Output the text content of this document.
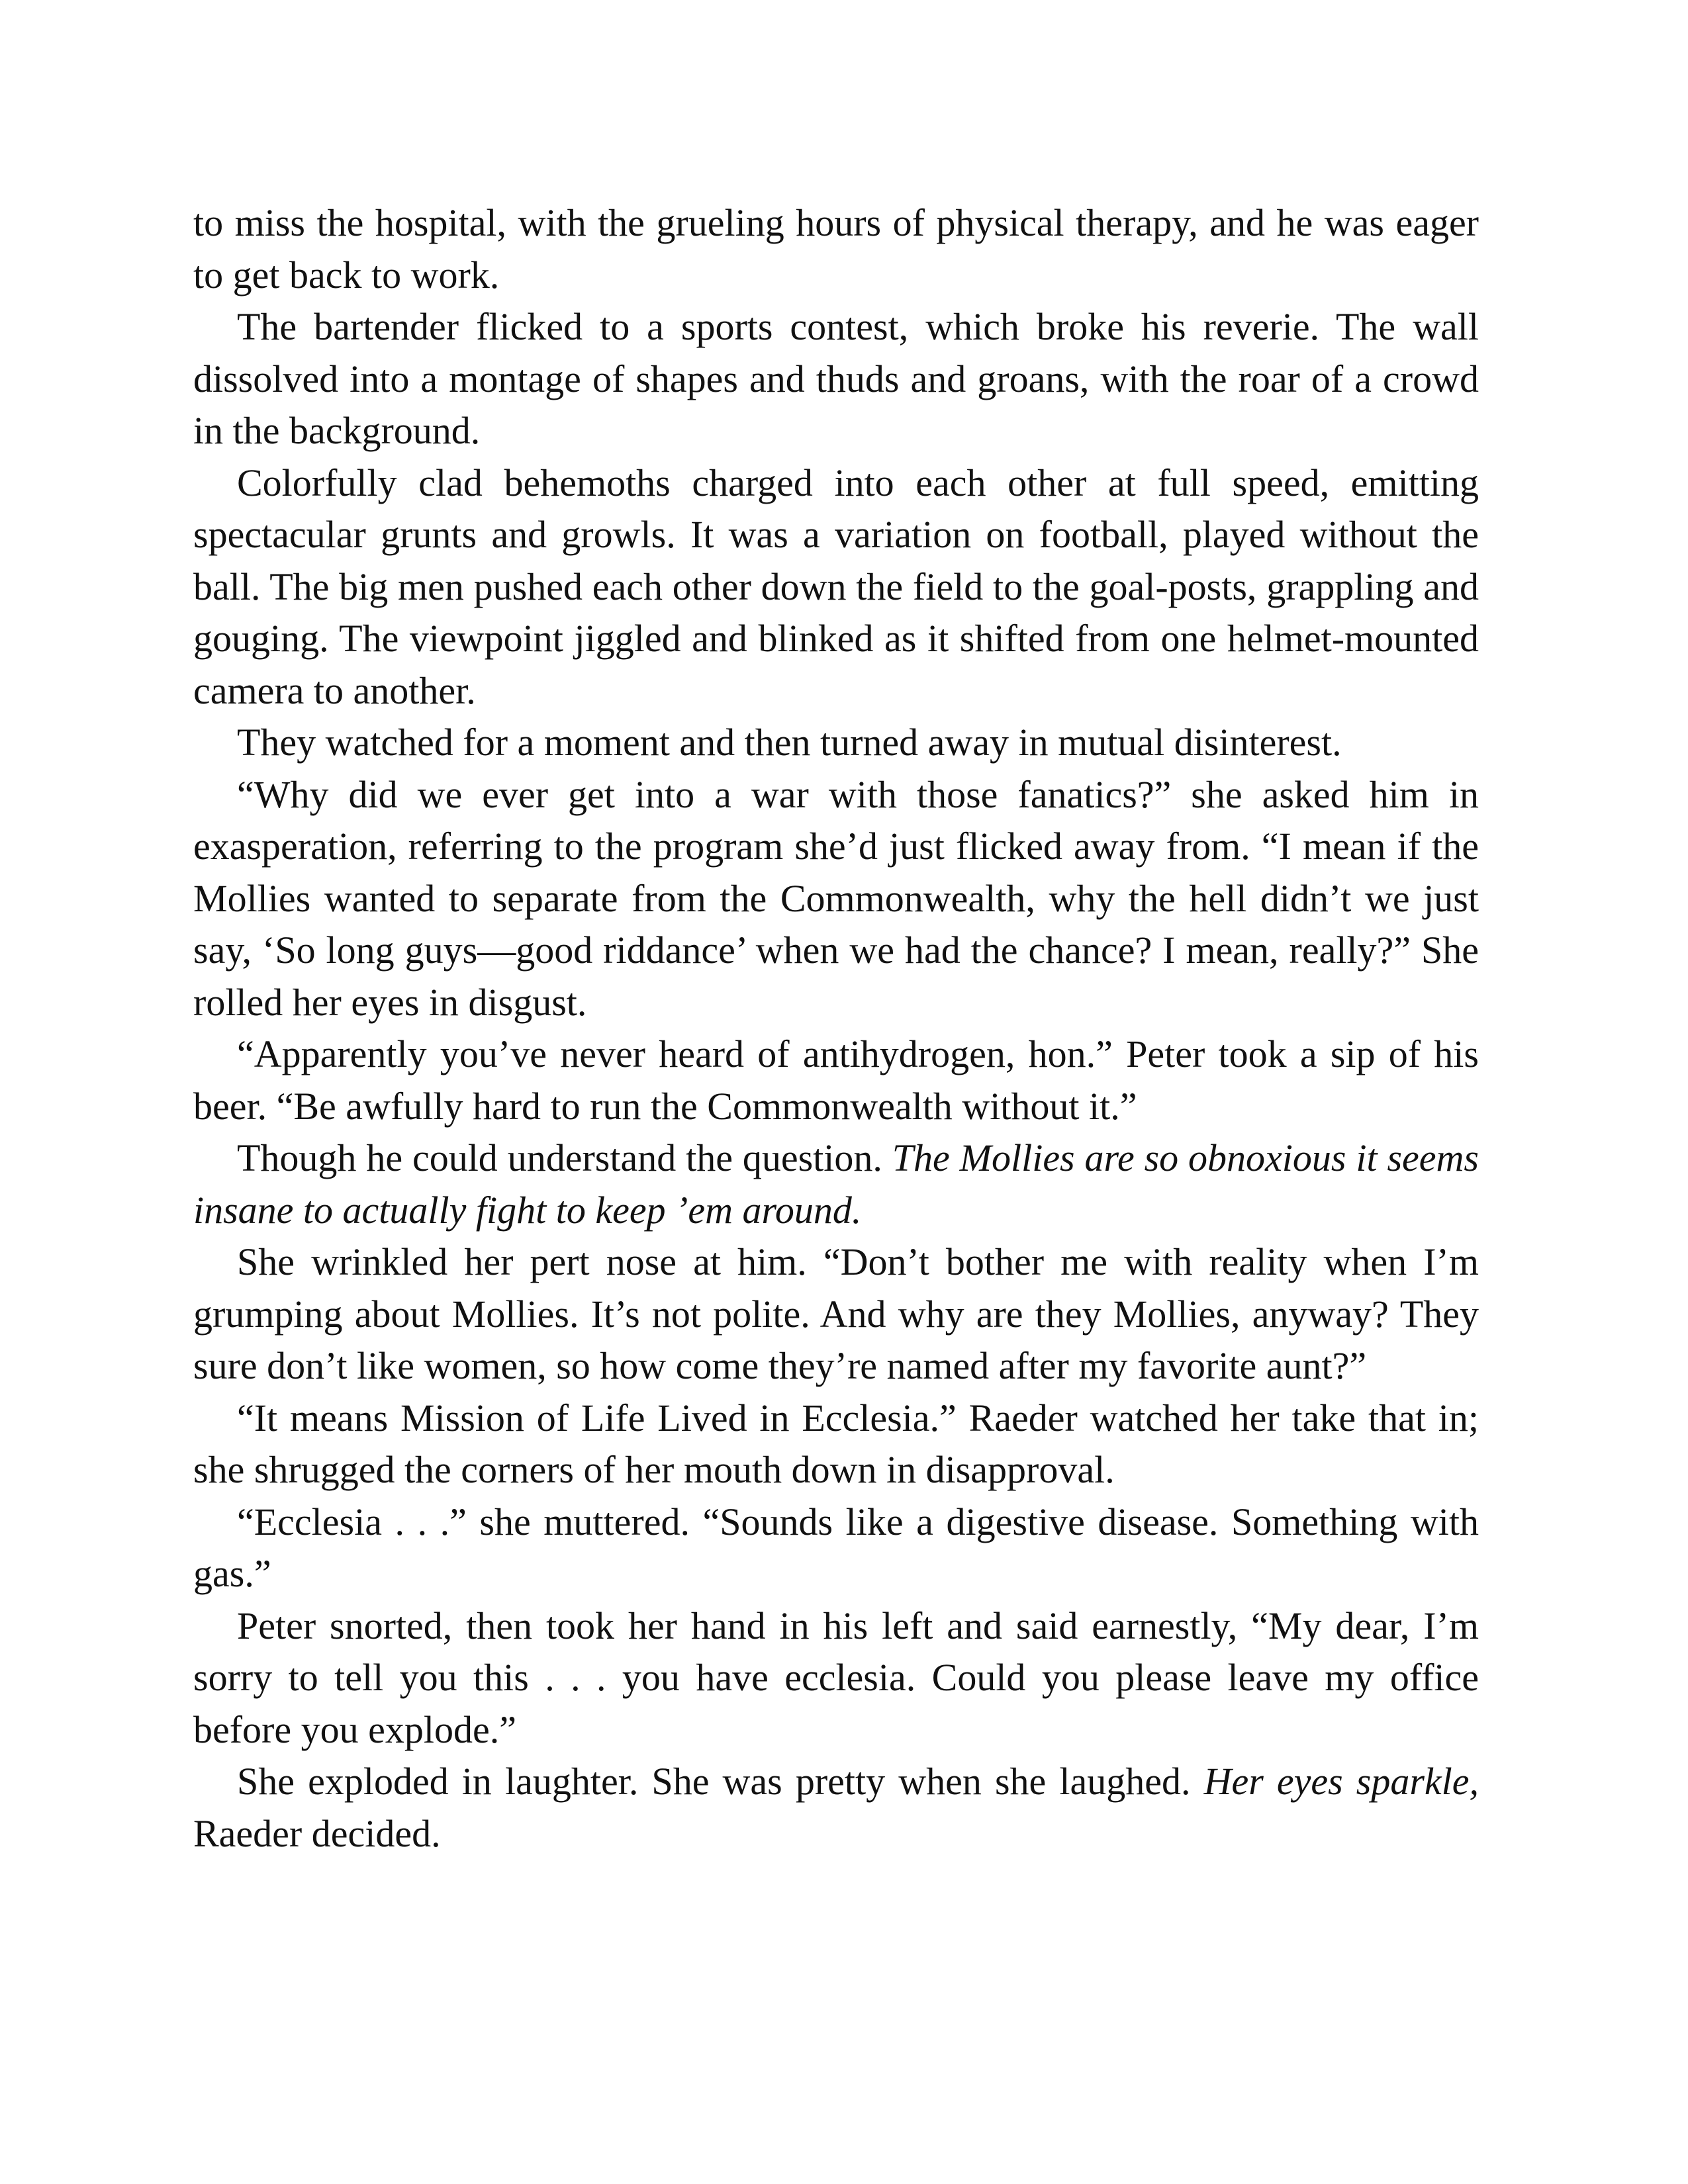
to miss the hospital, with the grueling hours of physical therapy, and he was eager to get back to work.

The bartender flicked to a sports contest, which broke his reverie. The wall dissolved into a montage of shapes and thuds and groans, with the roar of a crowd in the background.

Colorfully clad behemoths charged into each other at full speed, emitting spectacular grunts and growls. It was a variation on football, played without the ball. The big men pushed each other down the field to the goal-posts, grappling and gouging. The viewpoint jiggled and blinked as it shifted from one helmet-mounted camera to another.

They watched for a moment and then turned away in mutual disinterest.

“Why did we ever get into a war with those fanatics?” she asked him in exasperation, referring to the program she’d just flicked away from. “I mean if the Mollies wanted to separate from the Commonwealth, why the hell didn’t we just say, ‘So long guys—good riddance’ when we had the chance? I mean, really?” She rolled her eyes in disgust.

“Apparently you’ve never heard of antihydrogen, hon.” Peter took a sip of his beer. “Be awfully hard to run the Commonwealth without it.”

Though he could understand the question. The Mollies are so obnoxious it seems insane to actually fight to keep ’em around.

She wrinkled her pert nose at him. “Don’t bother me with reality when I’m grumping about Mollies. It’s not polite. And why are they Mollies, anyway? They sure don’t like women, so how come they’re named after my favorite aunt?”

“It means Mission of Life Lived in Ecclesia.” Raeder watched her take that in; she shrugged the corners of her mouth down in disapproval.

“Ecclesia . . .” she muttered. “Sounds like a digestive disease. Something with gas.”

Peter snorted, then took her hand in his left and said earnestly, “My dear, I’m sorry to tell you this . . . you have ecclesia. Could you please leave my office before you explode.”

She exploded in laughter. She was pretty when she laughed. Her eyes sparkle, Raeder decided.
